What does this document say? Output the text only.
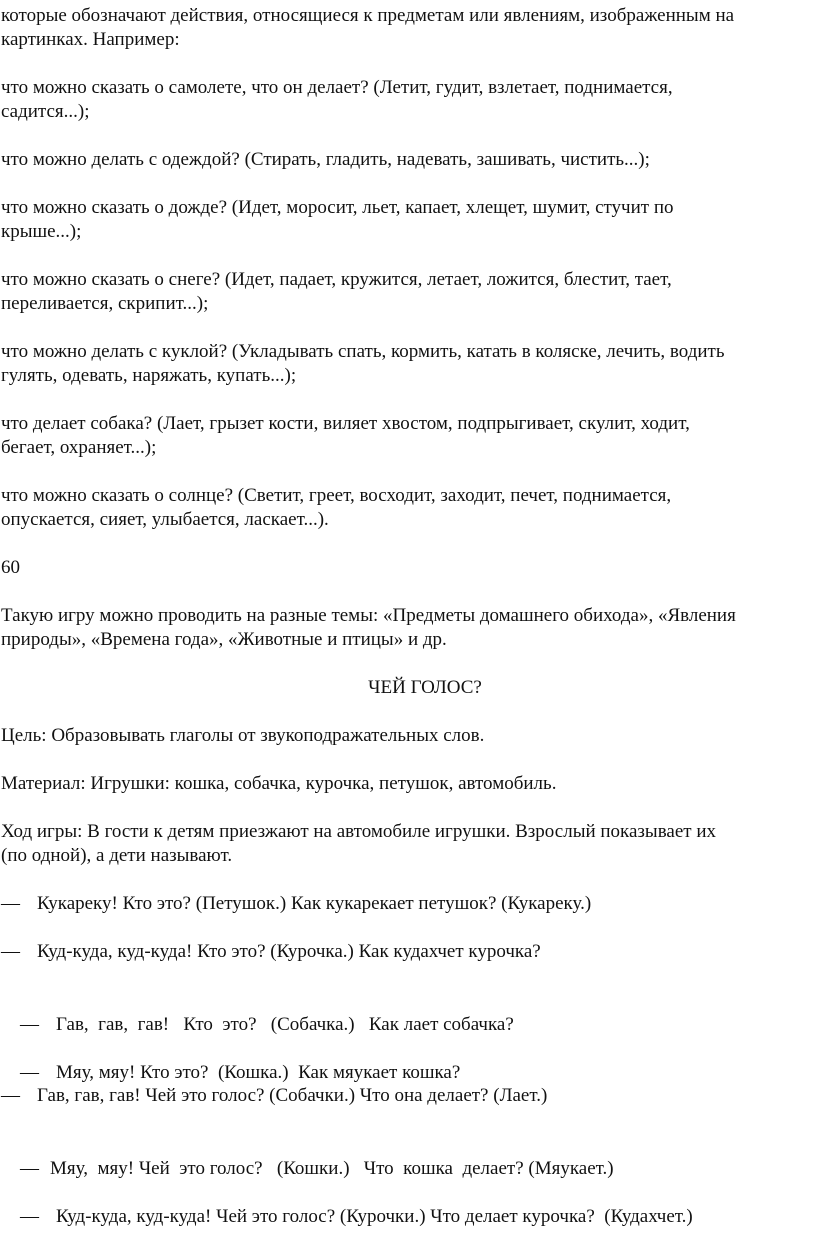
которые обозначают действия, относящиеся к предметам или явлениям, изображенным на
картинках. Например:
что можно сказать о самолете, что он делает? (Летит, гудит, взлетает, поднимается,
садится...);
что можно делать с одеждой? (Стирать, гладить, надевать, зашивать, чистить...);
что можно сказать о дожде? (Идет, моросит, льет, капает, хлещет, шумит, стучит по
крыше...);
что можно сказать о снеге? (Идет, падает, кружится, летает, ложится, блестит, тает,
переливается, скрипит...);
что можно делать с куклой? (Укладывать спать, кормить, катать в коляске, лечить, водить
гулять, одевать, наряжать, купать...);
что делает собака? (Лает, грызет кости, виляет хвостом, подпрыгивает, скулит, ходит,
бегает, охраняет...);
что можно сказать о солнце? (Светит, греет, восходит, заходит, печет, поднимается,
опускается, сияет, улыбается, ласкает...).
60
Такую игру можно проводить на разные темы: «Предметы домашнего обихода», «Явления
природы», «Времена года», «Животные и птицы» и др.
ЧЕЙ ГОЛОС?
Цель: Образовывать глаголы от звукоподражательных слов.
Материал: Игрушки: кошка, собачка, курочка, петушок, автомобиль.
Ход игры: В гости к детям приезжают на автомобиле игрушки. Взрослый показывает их
(по одной), а дети называют.
— Кукареку! Кто это? (Петушок.) Как кукарекает петушок? (Кукареку.)
— Куд-куда, куд-куда! Кто это? (Курочка.) Как кудахчет курочка?

— Гав,  гав,  гав!   Кто  это?   (Собачка.)   Как лает собачка?

— Мяу, мяу! Кто это?  (Кошка.)  Как мяукает кошка?

— Гав, гав, гав! Чей это голос? (Собачки.) Что она делает? (Лает.)

— Мяу,  мяу! Чей  это голос?   (Кошки.)   Что  кошка  делает? (Мяукает.)

— Куд-куда, куд-куда! Чей это голос? (Курочки.) Что делает курочка?  (Кудахчет.)
